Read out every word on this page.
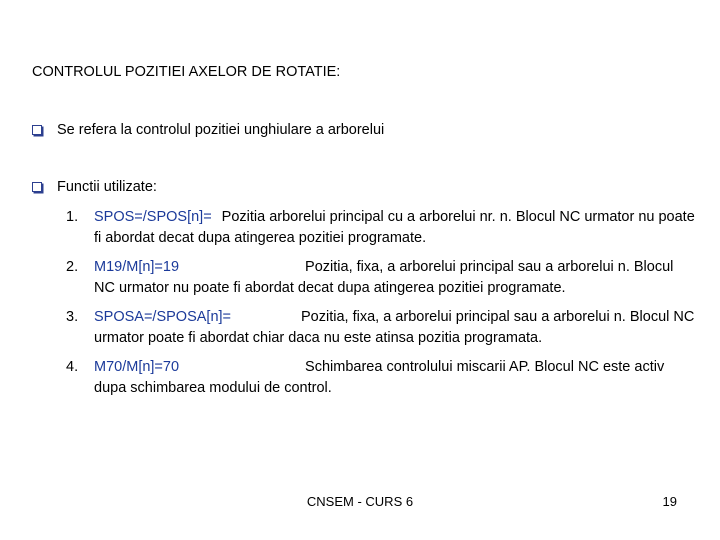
CONTROLUL POZITIEI AXELOR DE ROTATIE:
Se refera la controlul pozitiei unghiulare a arborelui
Functii utilizate:
1.	SPOS=/SPOS[n]= Pozitia arborelui principal cu a arborelui nr. n. Blocul NC urmator nu poate fi abordat decat dupa atingerea pozitiei programate.
2.	M19/M[n]=19	Pozitia, fixa, a arborelui principal sau a arborelui n. Blocul NC urmator nu poate fi abordat decat dupa atingerea pozitiei programate.
3.	SPOSA=/SPOSA[n]=	Pozitia, fixa, a arborelui principal sau a arborelui n. Blocul NC urmator poate fi abordat chiar daca nu este atinsa pozitia programata.
4.	M70/M[n]=70	Schimbarea controlului miscarii AP. Blocul NC este activ dupa schimbarea modului de control.
CNSEM - CURS 6	19
